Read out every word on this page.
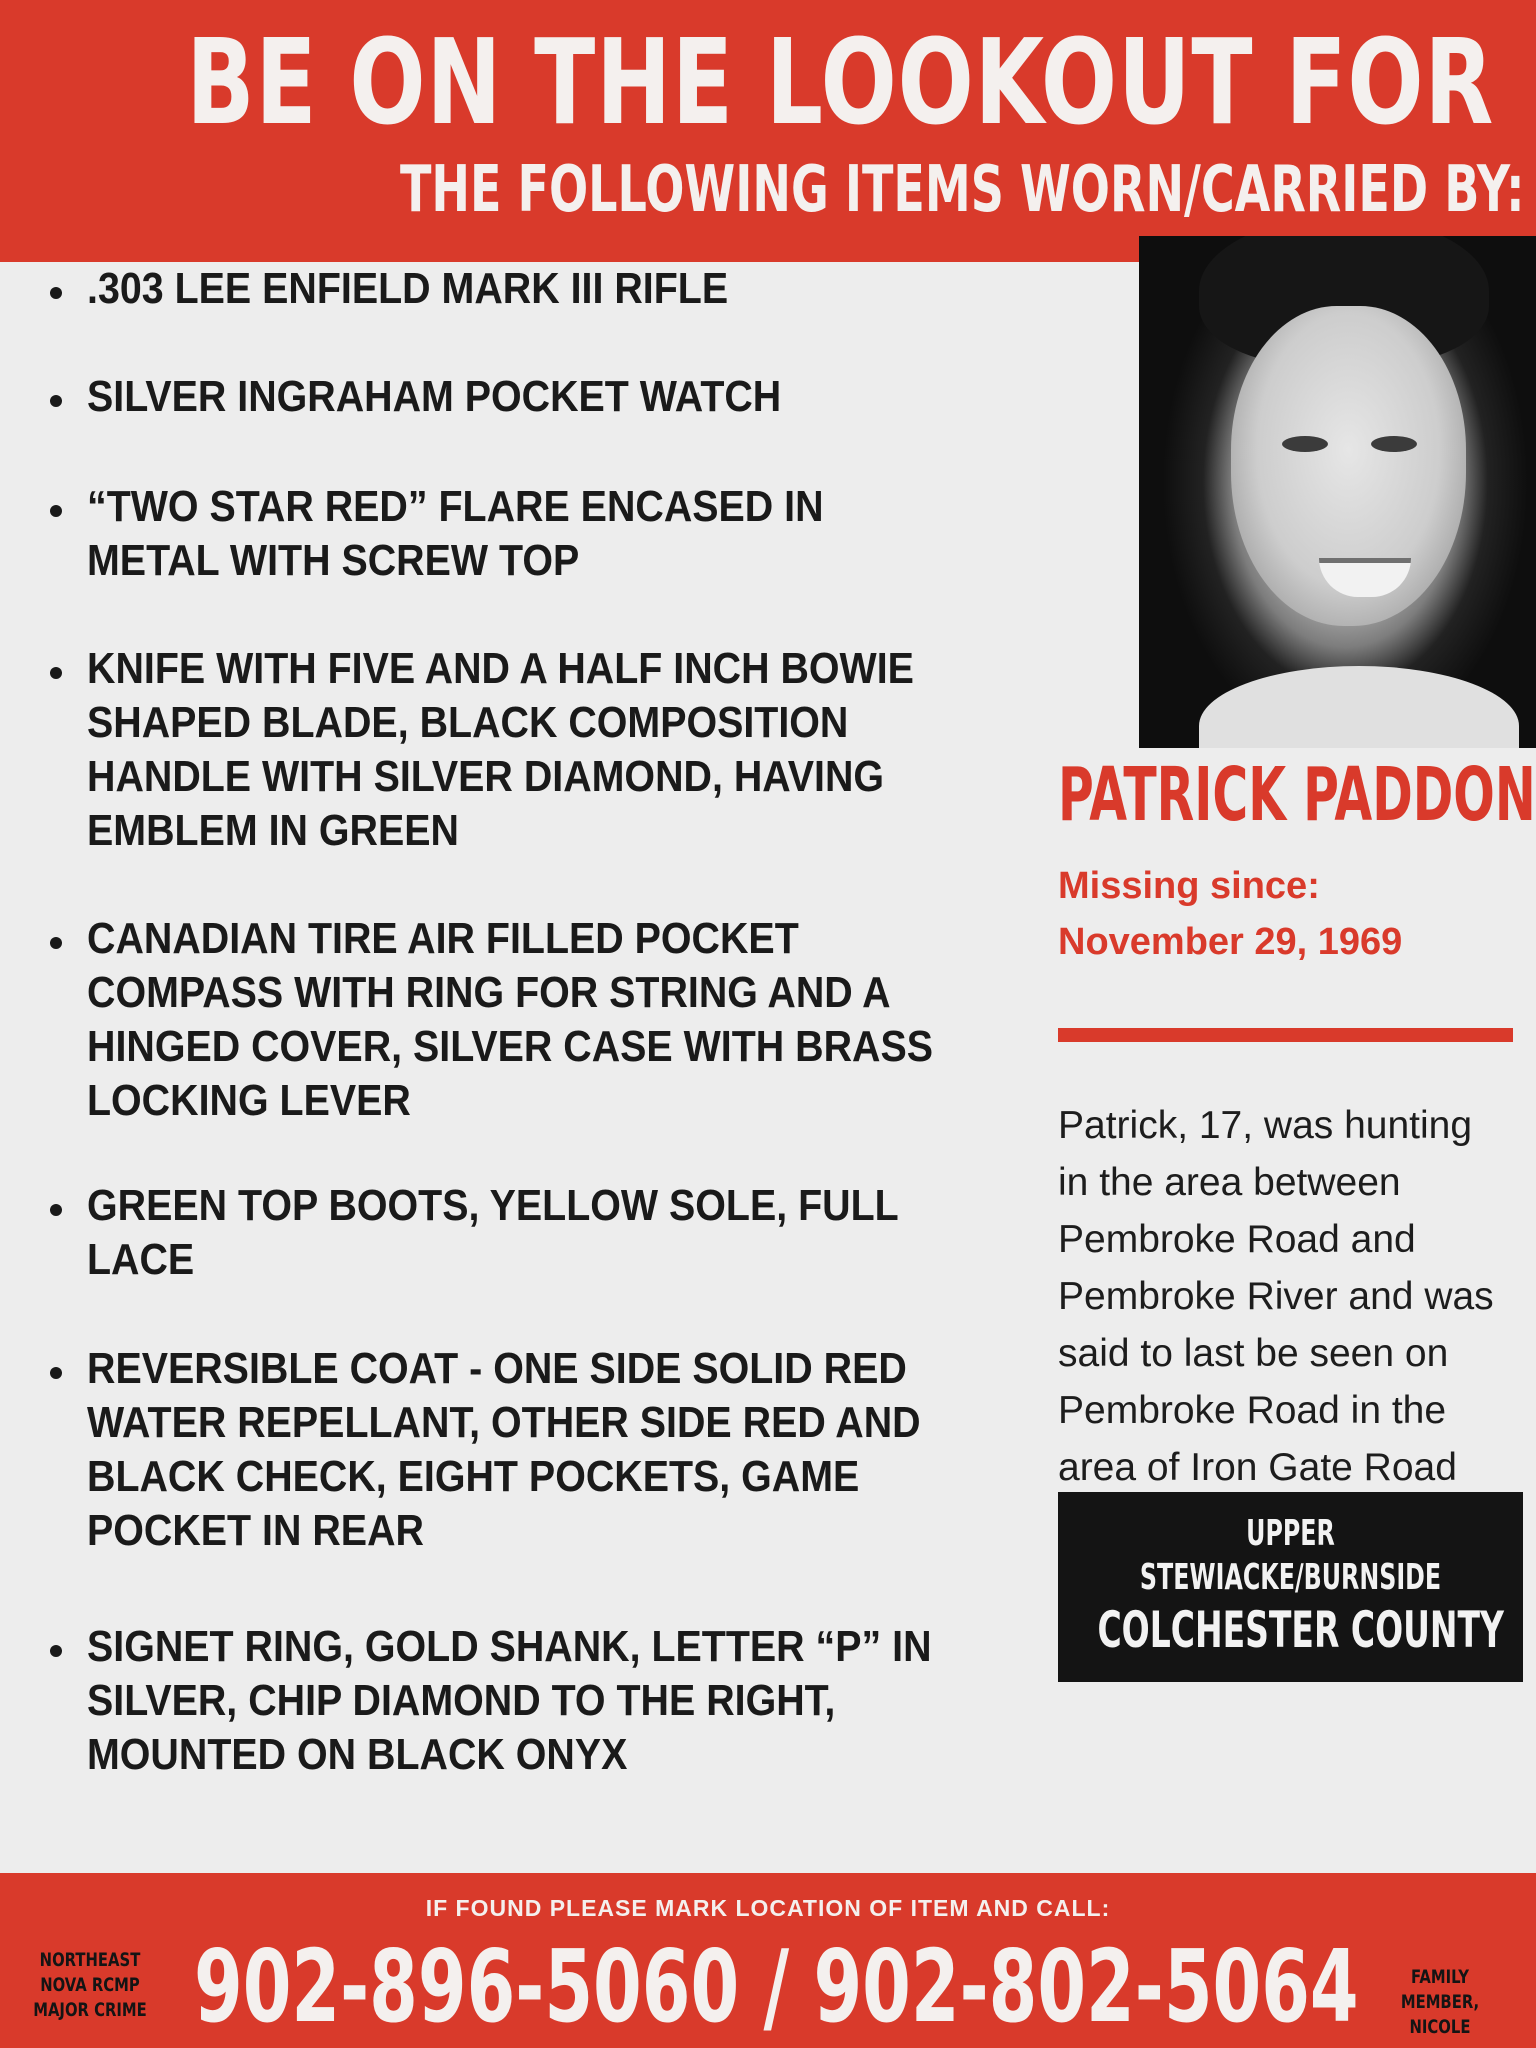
BE ON THE LOOKOUT FOR
THE FOLLOWING ITEMS WORN/CARRIED BY:
.303 LEE ENFIELD MARK III RIFLE
SILVER INGRAHAM POCKET WATCH
“TWO STAR RED” FLARE ENCASED IN
METAL WITH SCREW TOP
KNIFE WITH FIVE AND A HALF INCH BOWIE
SHAPED BLADE, BLACK COMPOSITION
HANDLE WITH SILVER DIAMOND, HAVING
EMBLEM IN GREEN
CANADIAN TIRE AIR FILLED POCKET
COMPASS WITH RING FOR STRING AND A
HINGED COVER, SILVER CASE WITH BRASS
LOCKING LEVER
GREEN TOP BOOTS, YELLOW SOLE, FULL
LACE
REVERSIBLE COAT - ONE SIDE SOLID RED
WATER REPELLANT, OTHER SIDE RED AND
BLACK CHECK, EIGHT POCKETS, GAME
POCKET IN REAR
SIGNET RING, GOLD SHANK, LETTER “P” IN
SILVER, CHIP DIAMOND TO THE RIGHT,
MOUNTED ON BLACK ONYX
PATRICK PADDON
Missing since:
November 29, 1969

Patrick, 17, was hunting
in the area between
Pembroke Road and
Pembroke River and was
said to last be seen on
Pembroke Road in the
area of Iron Gate Road

UPPER
STEWIACKE/BURNSIDE
COLCHESTER COUNTY
IF FOUND PLEASE MARK LOCATION OF ITEM AND CALL:
NORTHEAST NOVA RCMP MAJOR CRIME 902-896-5060 / 902-802-5064	FAMILY MEMBER, NICOLE
